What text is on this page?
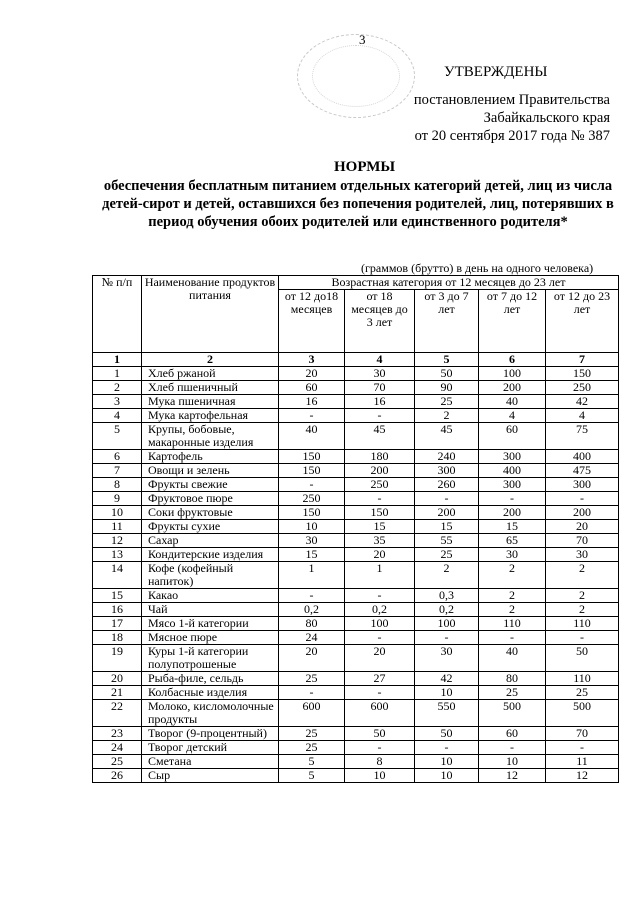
3
УТВЕРЖДЕНЫ
постановлением Правительства
Забайкальского края
от 20 сентября 2017 года № 387
НОРМЫ
обеспечения бесплатным питанием отдельных категорий детей, лиц из числа детей-сирот и детей, оставшихся без попечения родителей, лиц, потерявших в период обучения обоих родителей или единственного родителя*
(граммов (брутто) в день на одного человека)
№ п/п	Наименование продуктов питания	Возрастная категория от 12 месяцев до 23 лет				
		от 12 до18 месяцев	от 18 месяцев до 3 лет	от 3 до 7 лет	от 7 до 12 лет	от 12 до 23 лет
1	2	3	4	5	6	7
1	Хлеб ржаной	20	30	50	100	150
2	Хлеб пшеничный	60	70	90	200	250
3	Мука пшеничная	16	16	25	40	42
4	Мука картофельная	-	-	2	4	4
5	Крупы, бобовые, макаронные изделия	40	45	45	60	75
6	Картофель	150	180	240	300	400
7	Овощи и зелень	150	200	300	400	475
8	Фрукты свежие	-	250	260	300	300
9	Фруктовое пюре	250	-	-	-	-
10	Соки фруктовые	150	150	200	200	200
11	Фрукты сухие	10	15	15	15	20
12	Сахар	30	35	55	65	70
13	Кондитерские изделия	15	20	25	30	30
14	Кофе (кофейный напиток)	1	1	2	2	2
15	Какао	-	-	0,3	2	2
16	Чай	0,2	0,2	0,2	2	2
17	Мясо 1-й категории	80	100	100	110	110
18	Мясное пюре	24	-	-	-	-
19	Куры 1-й категории полупотрошеные	20	20	30	40	50
20	Рыба-филе, сельдь	25	27	42	80	110
21	Колбасные изделия	-	-	10	25	25
22	Молоко, кисломолочные продукты	600	600	550	500	500
23	Творог (9-процентный)	25	50	50	60	70
24	Творог детский	25	-	-	-	-
25	Сметана	5	8	10	10	11
26	Сыр	5	10	10	12	12
